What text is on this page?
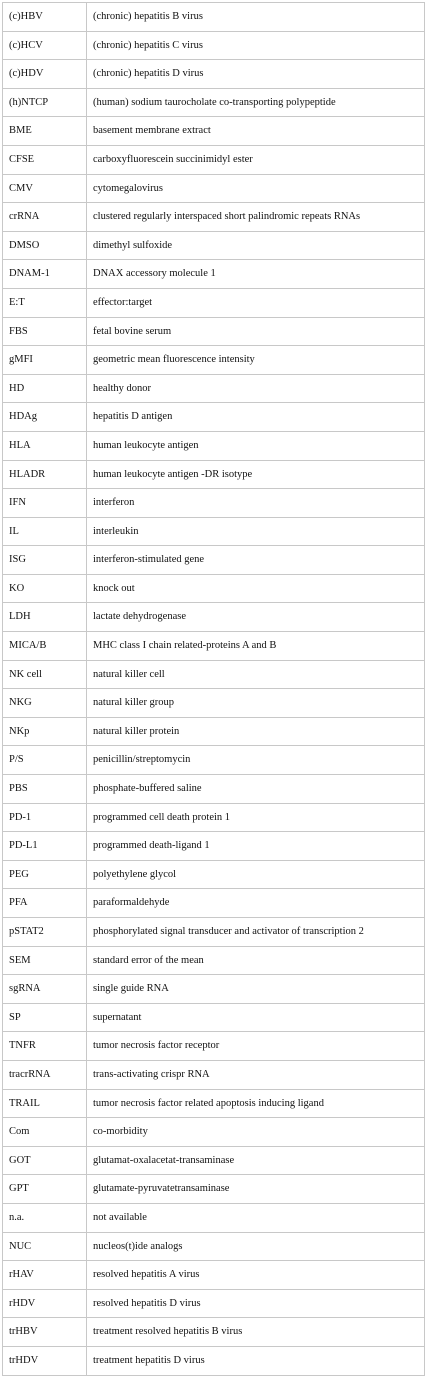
(c)HBV	(chronic) hepatitis B virus
(c)HCV	(chronic) hepatitis C virus
(c)HDV	(chronic) hepatitis D virus
(h)NTCP	(human) sodium taurocholate co-transporting polypeptide
BME	basement membrane extract
CFSE	carboxyfluorescein succinimidyl ester
CMV	cytomegalovirus
crRNA	clustered regularly interspaced short palindromic repeats RNAs
DMSO	dimethyl sulfoxide
DNAM-1	DNAX accessory molecule 1
E:T	effector:target
FBS	fetal bovine serum
gMFI	geometric mean fluorescence intensity
HD	healthy donor
HDAg	hepatitis D antigen
HLA	human leukocyte antigen
HLADR	human leukocyte antigen -DR isotype
IFN	interferon
IL	interleukin
ISG	interferon-stimulated gene
KO	knock out
LDH	lactate dehydrogenase
MICA/B	MHC class I chain related-proteins A and B
NK cell	natural killer cell
NKG	natural killer group
NKp	natural killer protein
P/S	penicillin/streptomycin
PBS	phosphate-buffered saline
PD-1	programmed cell death protein 1
PD-L1	programmed death-ligand 1
PEG	polyethylene glycol
PFA	paraformaldehyde
pSTAT2	phosphorylated signal transducer and activator of transcription 2
SEM	standard error of the mean
sgRNA	single guide RNA
SP	supernatant
TNFR	tumor necrosis factor receptor
tracrRNA	trans-activating crispr RNA
TRAIL	tumor necrosis factor related apoptosis inducing ligand
Com	co-morbidity
GOT	glutamat-oxalacetat-transaminase
GPT	glutamate-pyruvatetransaminase
n.a.	not available
NUC	nucleos(t)ide analogs
rHAV	resolved hepatitis A virus
rHDV	resolved hepatitis D virus
trHBV	treatment resolved hepatitis B virus
trHDV	treatment hepatitis D virus
